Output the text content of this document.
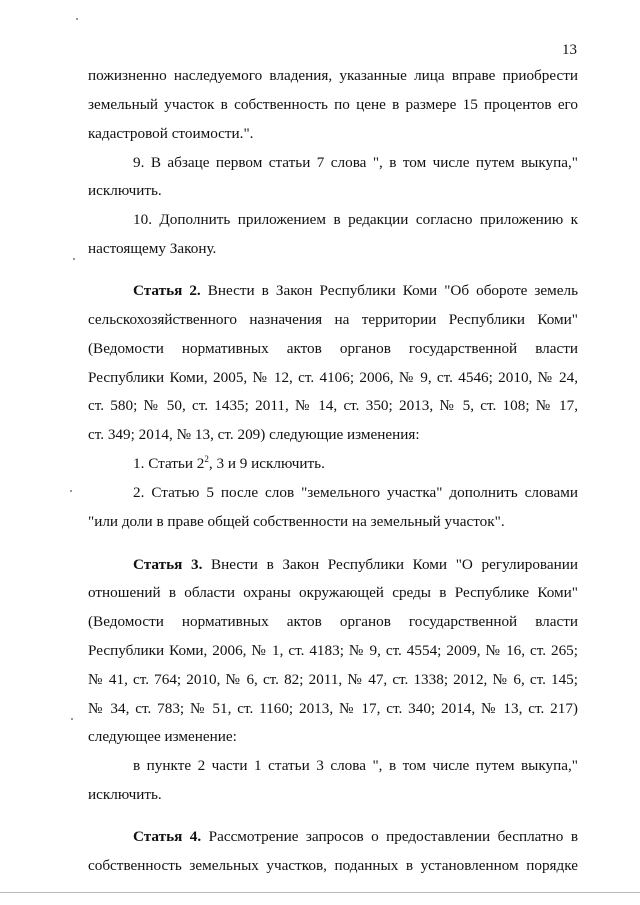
13
пожизненно наследуемого владения, указанные лица вправе приобрести
земельный участок в собственность по цене в размере 15 процентов его
кадастровой стоимости.".
9. В абзаце первом статьи 7 слова ", в том числе путем выкупа,"
исключить.
10. Дополнить приложением в редакции согласно приложению к
настоящему Закону.
Статья 2. Внести в Закон Республики Коми "Об обороте земель
сельскохозяйственного назначения на территории Республики Коми"
(Ведомости нормативных актов органов государственной власти
Республики Коми, 2005, № 12, ст. 4106; 2006, № 9, ст. 4546; 2010, № 24,
ст. 580; № 50, ст. 1435; 2011, № 14, ст. 350; 2013, № 5, ст. 108; № 17,
ст. 349; 2014, № 13, ст. 209) следующие изменения:
1. Статьи $2^2$, 3 и 9 исключить.
2. Статью 5 после слов "земельного участка" дополнить словами
"или доли в праве общей собственности на земельный участок".
Статья 3. Внести в Закон Республики Коми "О регулировании
отношений в области охраны окружающей среды в Республике Коми"
(Ведомости нормативных актов органов государственной власти
Республики Коми, 2006, № 1, ст. 4183; № 9, ст. 4554; 2009, № 16, ст. 265;
№ 41, ст. 764; 2010, № 6, ст. 82; 2011, № 47, ст. 1338; 2012, № 6, ст. 145;
№ 34, ст. 783; № 51, ст. 1160; 2013, № 17, ст. 340; 2014, № 13, ст. 217)
следующее изменение:
в пункте 2 части 1 статьи 3 слова ", в том числе путем выкупа,"
исключить.
Статья 4. Рассмотрение запросов о предоставлении бесплатно в
собственность земельных участков, поданных в установленном порядке
